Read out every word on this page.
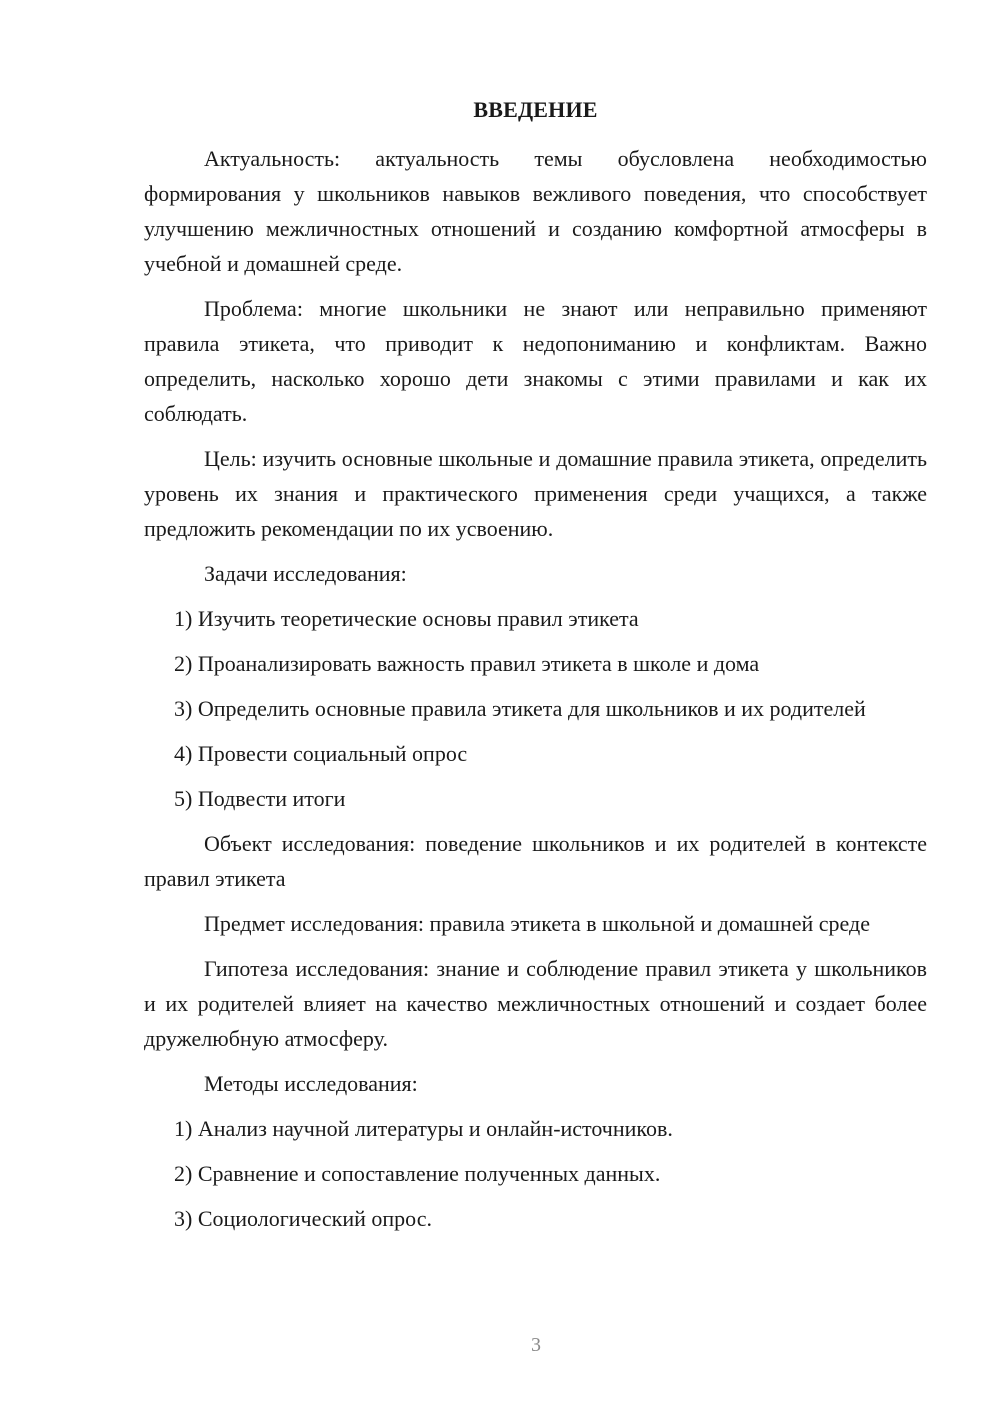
ВВЕДЕНИЕ

Актуальность: актуальность темы обусловлена необходимостью формирования у школьников навыков вежливого поведения, что способствует улучшению межличностных отношений и созданию комфортной атмосферы в учебной и домашней среде.

Проблема: многие школьники не знают или неправильно применяют правила этикета, что приводит к недопониманию и конфликтам. Важно определить, насколько хорошо дети знакомы с этими правилами и как их соблюдать.

Цель: изучить основные школьные и домашние правила этикета, определить уровень их знания и практического применения среди учащихся, а также предложить рекомендации по их усвоению.

Задачи исследования:

1) Изучить теоретические основы правил этикета

2) Проанализировать важность правил этикета в школе и дома

3) Определить основные правила этикета для школьников и их родителей

4) Провести социальный опрос

5) Подвести итоги

Объект исследования: поведение школьников и их родителей в контексте правил этикета

Предмет исследования: правила этикета в школьной и домашней среде

Гипотеза исследования: знание и соблюдение правил этикета у школьников и их родителей влияет на качество межличностных отношений и создает более дружелюбную атмосферу.

Методы исследования:

1) Анализ научной литературы и онлайн-источников.

2) Сравнение и сопоставление полученных данных.

3) Социологический опрос.

3
